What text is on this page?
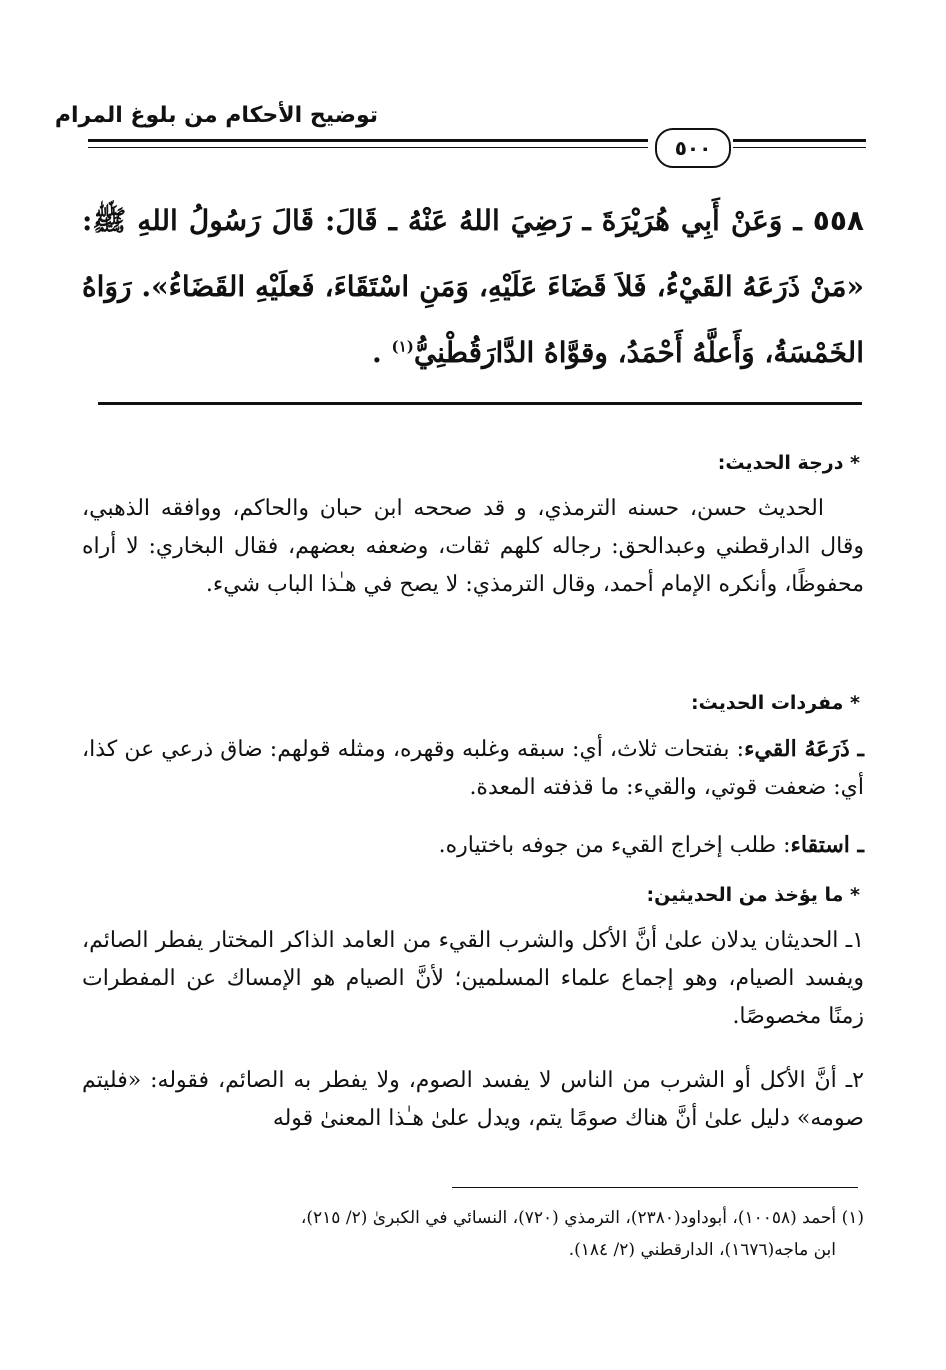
توضيح الأحكام من بلوغ المرام
٥٠٠
٥٥٨ ـ وَعَنْ أَبِي هُرَيْرَةَ ـ رَضِيَ اللهُ عَنْهُ ـ قَالَ: قَالَ رَسُولُ اللهِ ﷺ: «مَنْ ذَرَعَهُ القَيْءُ، فَلاَ قَضَاءَ عَلَيْهِ، وَمَنِ اسْتَقَاءَ، فَعلَيْهِ القَضَاءُ». رَوَاهُ الخَمْسَةُ، وَأَعلَّهُ أَحْمَدُ، وقوَّاهُ الدَّارَقُطْنِيُّ$^{(١)}$ .
* درجة الحديث:
الحديث حسن، حسنه الترمذي، و قد صححه ابن حبان والحاكم، ووافقه الذهبي، وقال الدارقطني وعبدالحق: رجاله كلهم ثقات، وضعفه بعضهم، فقال البخاري: لا أراه محفوظًا، وأنكره الإمام أحمد، وقال الترمذي: لا يصح في هـٰذا الباب شيء.
* مفردات الحديث:
ـ ذَرَعَهُ القيء: بفتحات ثلاث، أي: سبقه وغلبه وقهره، ومثله قولهم: ضاق ذرعي عن كذا، أي: ضعفت قوتي، والقيء: ما قذفته المعدة.
ـ استقاء: طلب إخراج القيء من جوفه باختياره.
* ما يؤخذ من الحديثين:
١ـ الحديثان يدلان علىٰ أنَّ الأكل والشرب القيء من العامد الذاكر المختار يفطر الصائم، ويفسد الصيام، وهو إجماع علماء المسلمين؛ لأنَّ الصيام هو الإمساك عن المفطرات زمنًا مخصوصًا.
٢ـ أنَّ الأكل أو الشرب من الناس لا يفسد الصوم، ولا يفطر به الصائم، فقوله: «فليتم صومه» دليل علىٰ أنَّ هناك صومًا يتم، ويدل علىٰ هـٰذا المعنىٰ قوله
(١) أحمد (١٠٠٥٨)، أبوداود(٢٣٨٠)، الترمذي (٧٢٠)، النسائي في الكبرىٰ (٢/ ٢١٥)،
ابن ماجه(١٦٧٦)، الدارقطني (٢/ ١٨٤).
